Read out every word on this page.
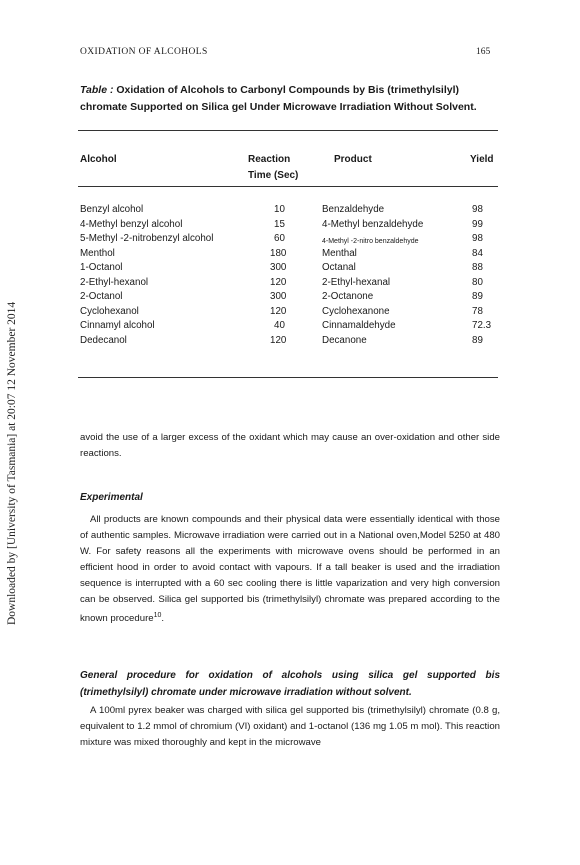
OXIDATION OF ALCOHOLS	165
Table : Oxidation of Alcohols to Carbonyl Compounds by Bis (trimethylsilyl) chromate Supported on Silica gel Under Microwave Irradiation Without Solvent.
Alcohol	Reaction
Time (Sec)
Product	Yield
Benzyl alcohol	10	Benzaldehyde	98
4-Methyl benzyl alcohol	15	4-Methyl benzaldehyde	99
5-Methyl -2-nitrobenzyl alcohol	60	4-Methyl -2-nitro benzaldehyde	98
Menthol	180	Menthal	84
1-Octanol	300	Octanal	88
2-Ethyl-hexanol	120	2-Ethyl-hexanal	80
2-Octanol	300	2-Octanone	89
Cyclohexanol	120	Cyclohexanone	78
Cinnamyl alcohol	40	Cinnamaldehyde	72.3
Dedecanol	120	Decanone	89
avoid the use of a larger excess of the oxidant which may cause an over-oxidation and other side reactions.
Experimental
All products are known compounds and their physical data were essentially identical with those of authentic samples. Microwave irradiation were carried out in a National oven,Model 5250 at 480 W. For safety reasons all the experiments with microwave ovens should be performed in an efficient hood in order to avoid contact with vapours. If a tall beaker is used and the irradiation sequence is interrupted with a 60 sec cooling there is little vaparization and very high conversion can be observed. Silica gel supported bis (trimethylsilyl) chromate was prepared according to the known procedure$^{10}$.
General procedure for oxidation of alcohols using silica gel supported bis (trimethylsilyl) chromate under microwave irradiation without solvent.
A 100ml pyrex beaker was charged with silica gel supported bis (trimethylsilyl) chromate (0.8 g, equivalent to 1.2 mmol of chromium (VI) oxidant) and 1-octanol (136 mg 1.05 m mol). This reaction mixture was mixed thoroughly and kept in the microwave
Downloaded by [University of Tasmania] at 20:07 12 November 2014
